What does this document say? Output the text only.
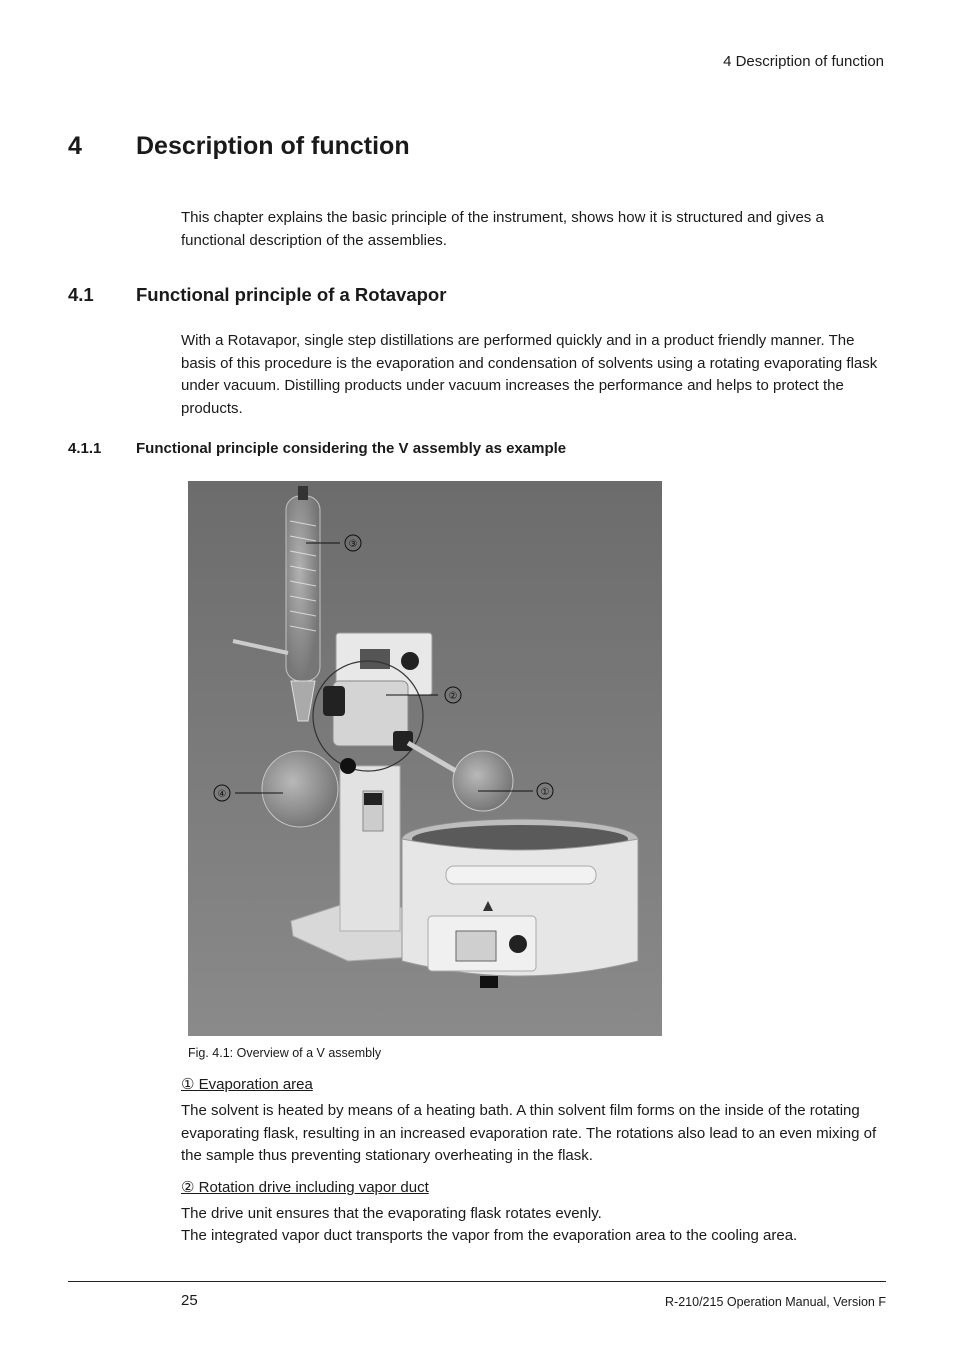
4 Description of function
4 Description of function

This chapter explains the basic principle of the instrument, shows how it is structured and gives a functional description of the assemblies.

4.1 Functional principle of a Rotavapor

With a Rotavapor, single step distillations are performed quickly and in a product friendly manner. The basis of this procedure is the evaporation and condensation of solvents using a rotating evaporating flask under vacuum. Distilling products under vacuum increases the performance and helps to protect the products.

4.1.1 Functional principle considering the V assembly as example
①
②
③
④
Fig. 4.1: Overview of a V assembly
① Evaporation area

The solvent is heated by means of a heating bath. A thin solvent film forms on the inside of the rotating evaporating flask, resulting in an increased evaporation rate. The rotations also lead to an even mixing of the sample thus preventing stationary overheating in the flask.

② Rotation drive including vapor duct

The drive unit ensures that the evaporating flask rotates evenly.

The integrated vapor duct transports the vapor from the evaporation area to the cooling area.

25	R-210/215 Operation Manual, Version F
